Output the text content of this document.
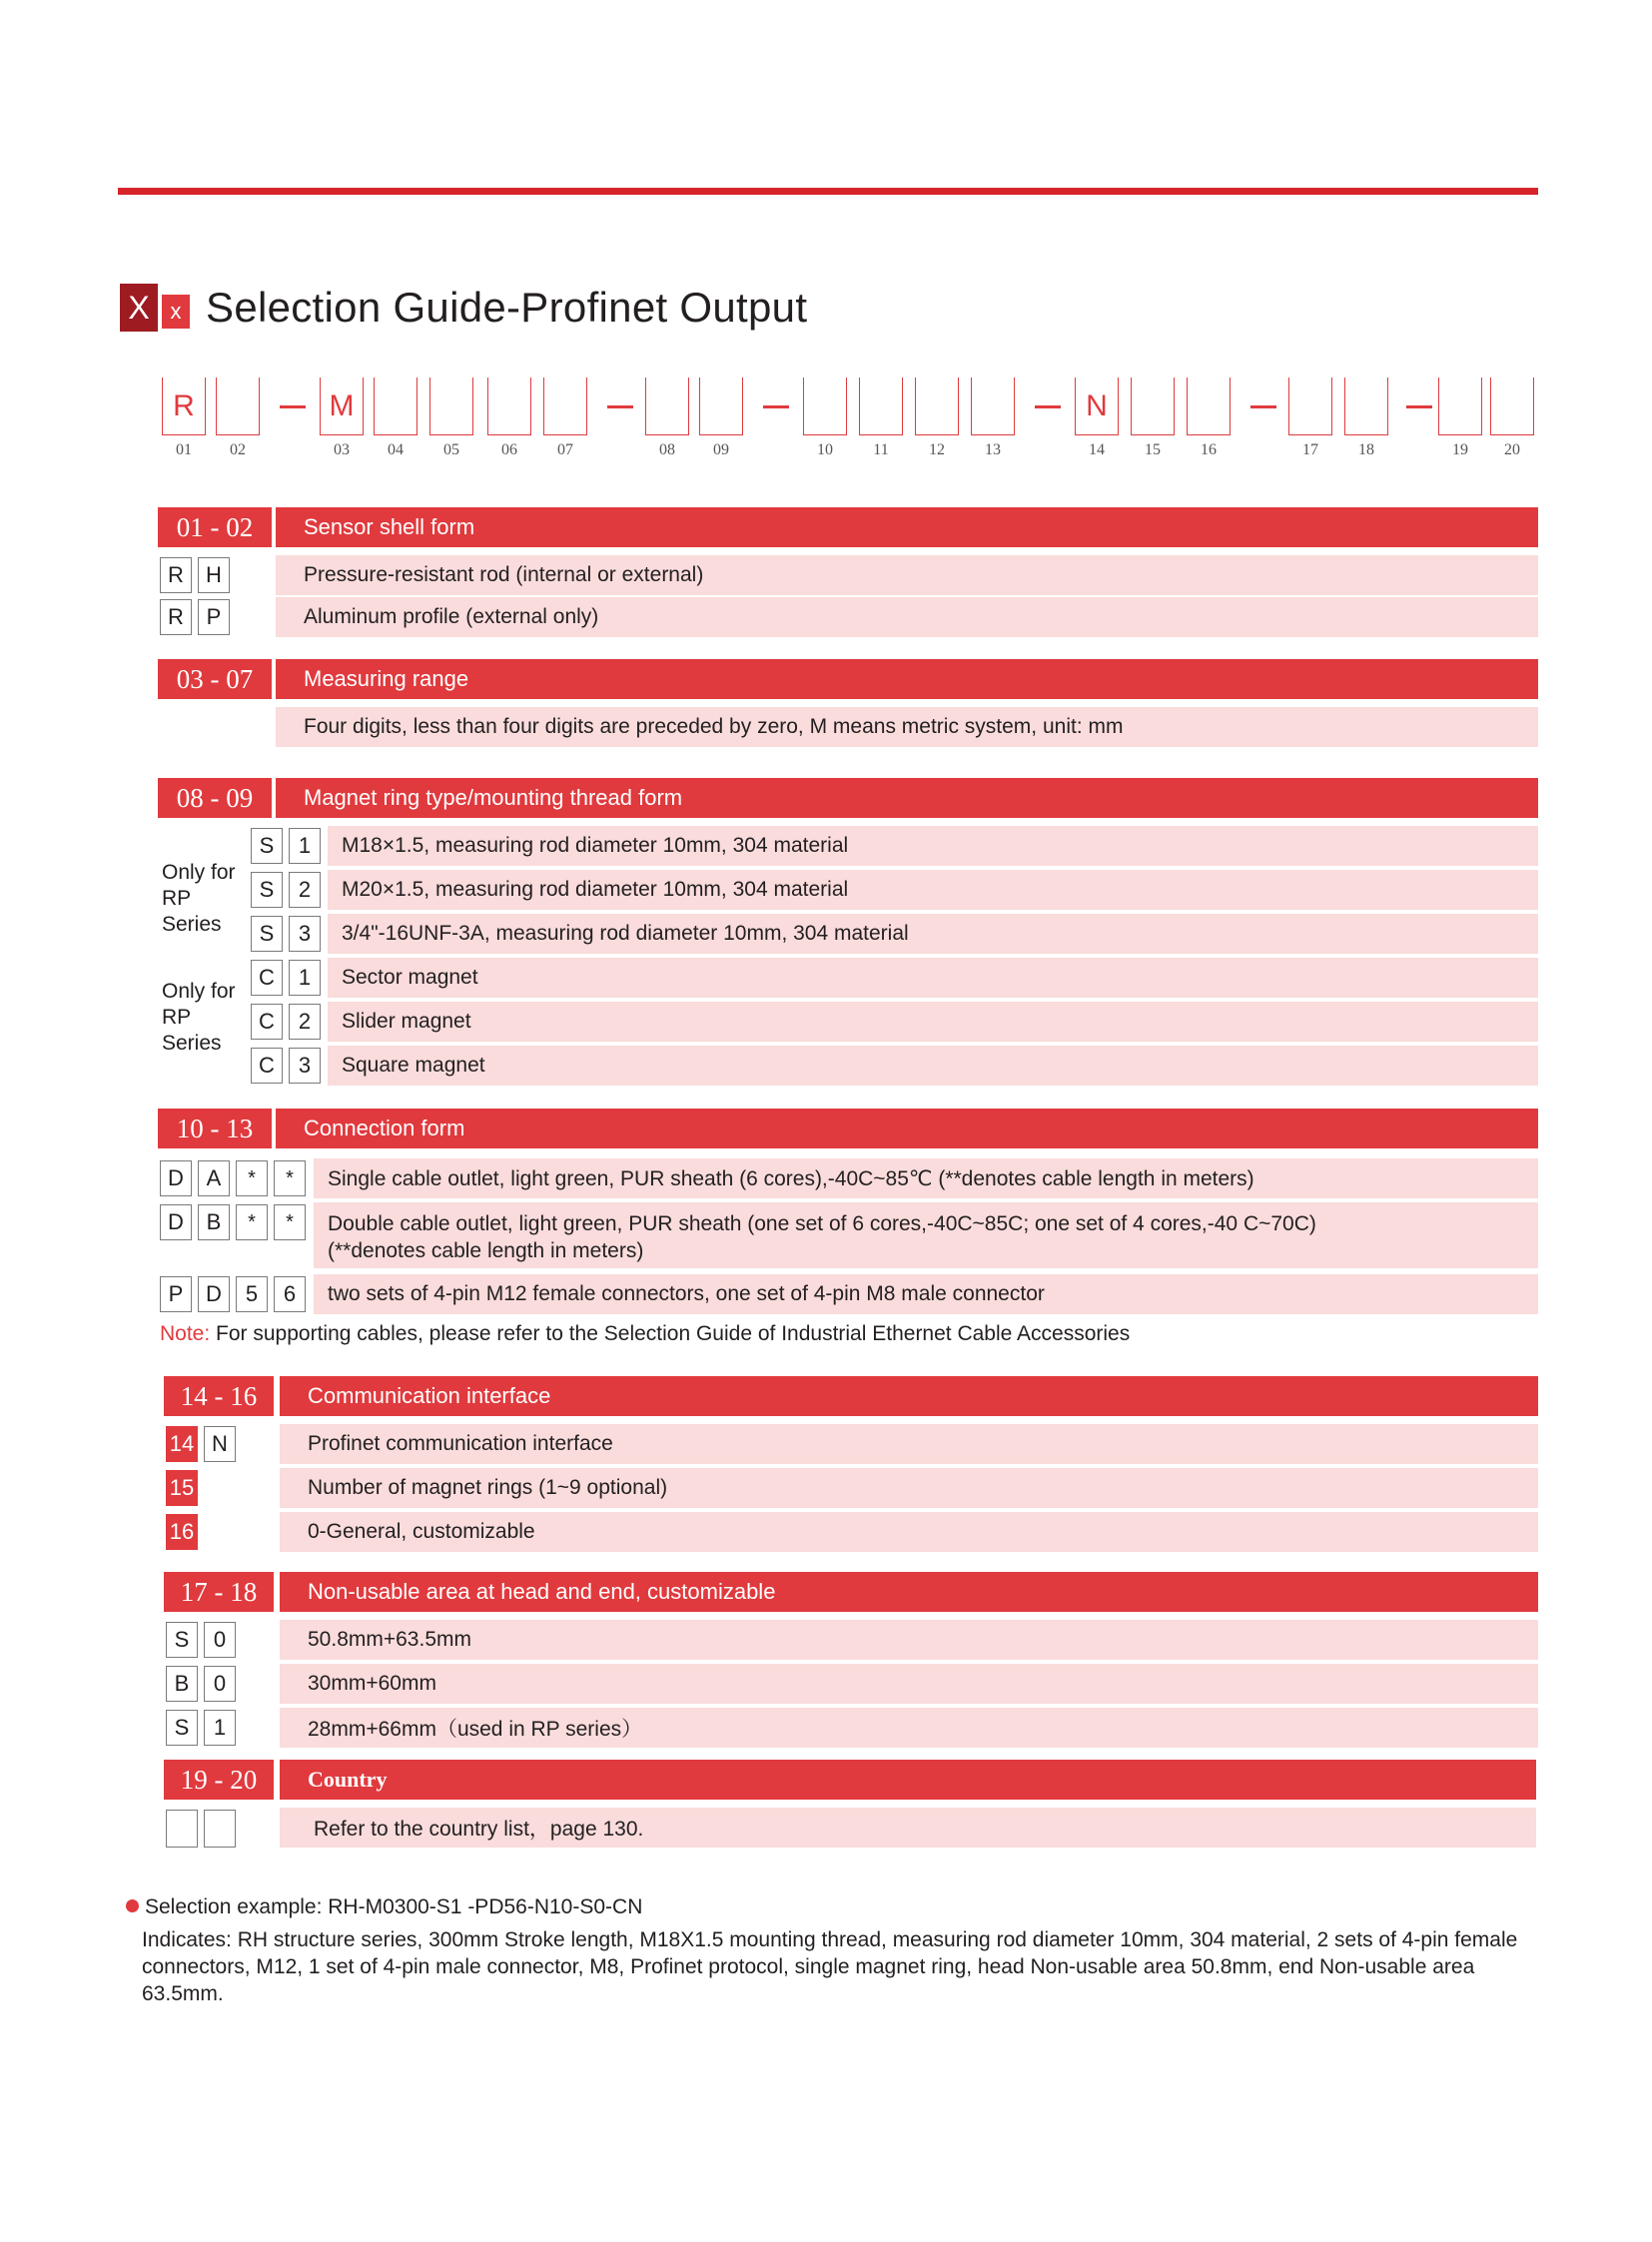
X x Selection Guide-Profinet Output
R	M	N
01	02	03	04	05	06	07	08	09	10	11	12	13	14	15	16	17	18	19	20
01 - 02	Sensor shell form
R	H	Pressure-resistant rod (internal or external)
R	P	Aluminum profile (external only)
03 - 07	Measuring range
Four digits, less than four digits are preceded by zero, M means metric system, unit: mm
08 - 09	Magnet ring type/mounting thread form
Only for RP Series
Only for RP Series
S	1	M18×1.5, measuring rod diameter 10mm, 304 material
S	2	M20×1.5, measuring rod diameter 10mm, 304 material
S	3	3/4"-16UNF-3A, measuring rod diameter 10mm, 304 material
C	1	Sector magnet
C	2	Slider magnet
C	3	Square magnet
10 - 13	Connection form
D	A	*	*	Single cable outlet, light green, PUR sheath (6 cores),-40C~85℃ (**denotes cable length in meters)
D	B	*	*	Double cable outlet, light green, PUR sheath (one set of 6 cores,-40C~85C; one set of 4 cores,-40 C~70C)
(**denotes cable length in meters)
P	D	5	6	two sets of 4-pin M12 female connectors, one set of 4-pin M8 male connector
Note: For supporting cables, please refer to the Selection Guide of Industrial Ethernet Cable Accessories
14 - 16	Communication interface
14 N	Profinet communication interface
15	Number of magnet rings (1~9 optional)
16	0-General, customizable
17 - 18	Non-usable area at head and end, customizable
S	0	50.8mm+63.5mm
B	0	30mm+60mm
S	1	28mm+66mm（used in RP series）
19 - 20	Country
Refer to the country list，page 130.
Selection example: RH-M0300-S1 -PD56-N10-S0-CN
Indicates: RH structure series, 300mm Stroke length, M18X1.5 mounting thread, measuring rod diameter 10mm, 304 material, 2 sets of 4-pin female connectors, M12, 1 set of 4-pin male connector, M8, Profinet protocol, single magnet ring, head Non-usable area 50.8mm, end Non-usable area 63.5mm.
